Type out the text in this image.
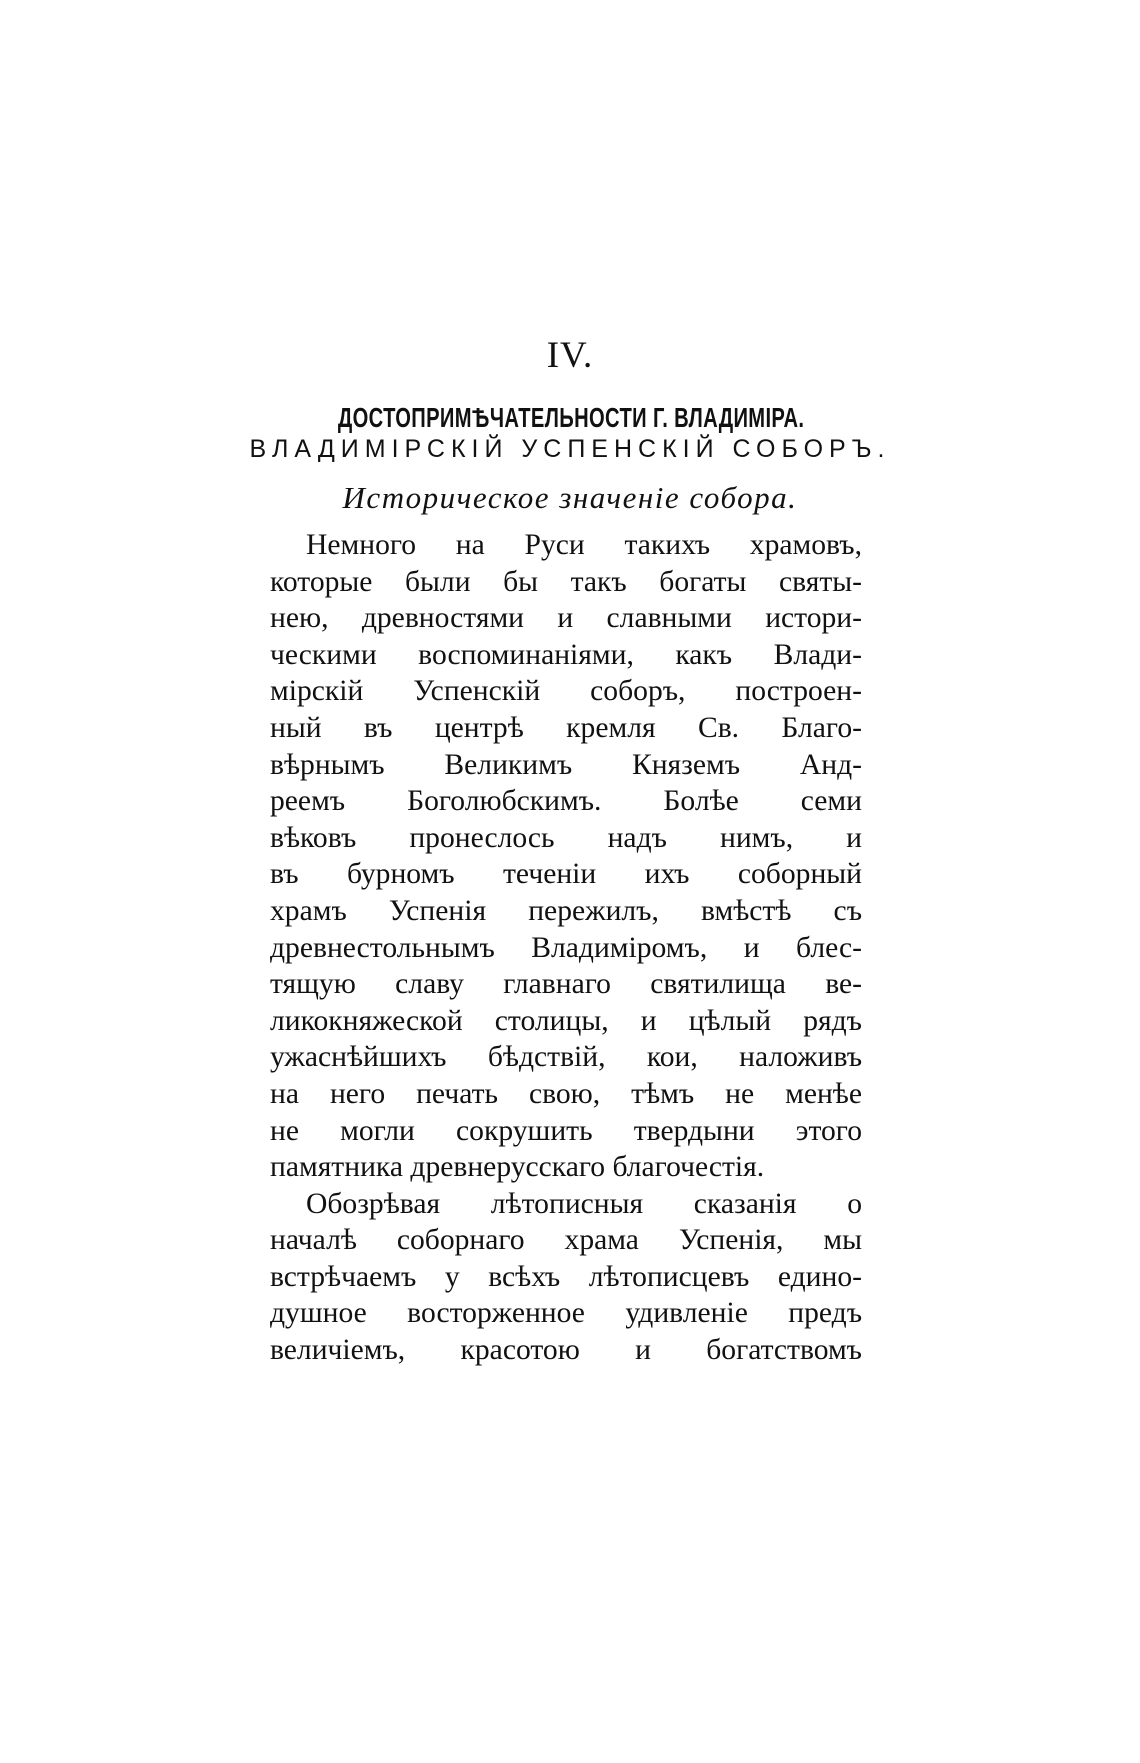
IV.
ДОСТОПРИМѢЧАТЕЛЬНОСТИ Г. ВЛАДИМIРА.
ВЛАДИМIРСКIЙ УСПЕНСКIЙ СОБОРЪ.
Историческое значенiе собора.
Немного на Руси такихъ храмовъ,
которые были бы такъ богаты святы-
нею, древностями и славными истори-
ческими воспоминанiями, какъ Влади-
мiрскiй Успенскiй соборъ, построен-
ный въ центрѣ кремля Св. Благо-
вѣрнымъ Великимъ Княземъ Анд-
реемъ Боголюбскимъ. Болѣе семи
вѣковъ пронеслось надъ нимъ, и
въ бурномъ теченiи ихъ соборный
храмъ Успенiя пережилъ, вмѣстѣ съ
древнестольнымъ Владимiромъ, и блес-
тящую славу главнаго святилища ве-
ликокняжеской столицы, и цѣлый рядъ
ужаснѣйшихъ бѣдствiй, кои, наложивъ
на него печать свою, тѣмъ не менѣе
не могли сокрушить твердыни этого
памятника древнерусскаго благочестiя.
Обозрѣвая лѣтописныя сказанiя о
началѣ соборнаго храма Успенiя, мы
встрѣчаемъ у всѣхъ лѣтописцевъ едино-
душное восторженное удивленiе предъ
величiемъ, красотою и богатствомъ
